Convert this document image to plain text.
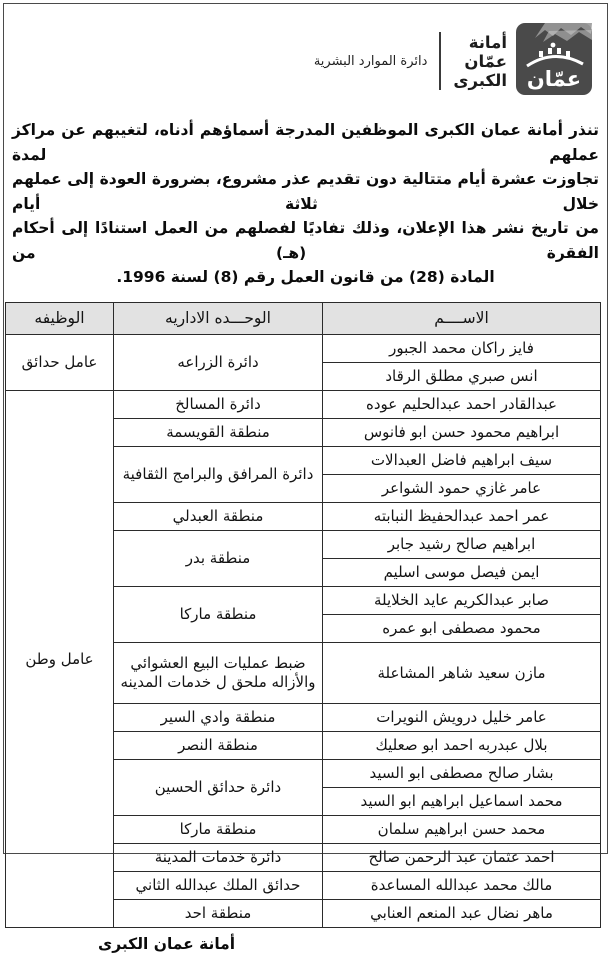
عمّان
أمانة
عمّان
الكبرى
دائرة الموارد البشرية
تنذر أمانة عمان الكبرى الموظفين المدرجة أسماؤهم أدناه، لتغيبهم عن مراكز عملهم لمدة
تجاوزت عشرة أيام متتالية دون تقديم عذر مشروع، بضرورة العودة إلى عملهم خلال ثلاثة أيام
من تاريخ نشر هذا الإعلان، وذلك تفاديًا لفصلهم من العمل استنادًا إلى أحكام الفقرة (هـ) من
المادة (28) من قانون العمل رقم (8) لسنة 1996.
الاســــم	الوحـــده الاداريه	الوظيفه
فايز راكان محمد الجبور	دائرة الزراعه	عامل حدائق
انس صبري مطلق الرقاد		
عبدالقادر احمد عبدالحليم عوده	دائرة المسالخ	عامل وطن
ابراهيم محمود حسن ابو فانوس	منطقة القويسمة	
سيف ابراهيم فاضل العبدالات	دائرة المرافق والبرامج الثقافية	
عامر غازي حمود الشواعر		
عمر احمد عبدالحفيظ النبابته	منطقة العبدلي	
ابراهيم صالح رشيد جابر	منطقة بدر	
ايمن فيصل موسى اسليم		
صابر عبدالكريم عايد الخلايلة	منطقة ماركا	
محمود مصطفى ابو عمره		
مازن سعيد شاهر المشاعلة	ضبط عمليات البيع العشوائي والأزاله ملحق ل خدمات المدينه	
عامر خليل درويش النويرات	منطقة وادي السير	
بلال عبدربه احمد ابو صعليك	منطقة النصر	
بشار صالح مصطفى ابو السيد	دائرة حدائق الحسين	
محمد اسماعيل ابراهيم ابو السيد		
محمد حسن ابراهيم سلمان	منطقة ماركا	
احمد عثمان عبد الرحمن صالح	دائرة خدمات المدينة	
مالك محمد عبدالله المساعدة	حدائق الملك عبدالله الثاني	
ماهر نضال عبد المنعم العنابي	منطقة احد	
أمانة عمان الكبرى
